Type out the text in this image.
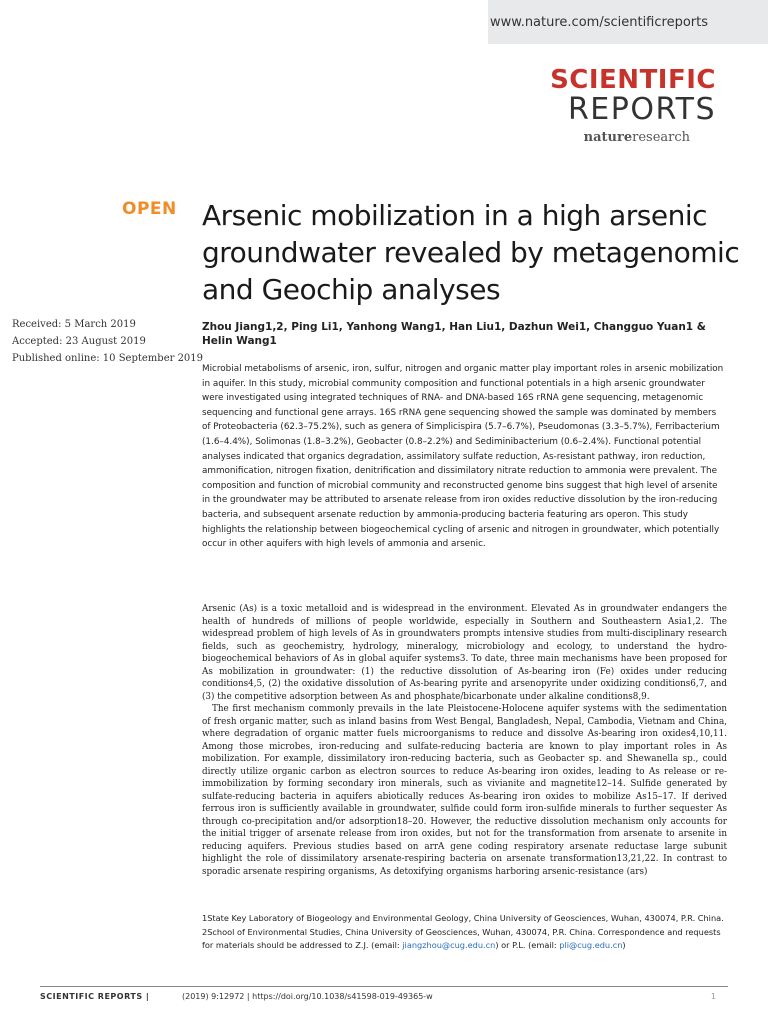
www.nature.com/scientificreports
SCIENTIFIC
REPORTS
natureresearch
OPEN Arsenic mobilization in a high arsenic groundwater revealed by metagenomic and Geochip analyses
Received: 5 March 2019
Accepted: 23 August 2019
Published online: 10 September 2019
Zhou Jiang1,2, Ping Li1, Yanhong Wang1, Han Liu1, Dazhun Wei1, Changguo Yuan1 & Helin Wang1
Microbial metabolisms of arsenic, iron, sulfur, nitrogen and organic matter play important roles in arsenic mobilization in aquifer. In this study, microbial community composition and functional potentials in a high arsenic groundwater were investigated using integrated techniques of RNA- and DNA-based 16S rRNA gene sequencing, metagenomic sequencing and functional gene arrays. 16S rRNA gene sequencing showed the sample was dominated by members of Proteobacteria (62.3–75.2%), such as genera of Simplicispira (5.7–6.7%), Pseudomonas (3.3–5.7%), Ferribacterium (1.6–4.4%), Solimonas (1.8–3.2%), Geobacter (0.8–2.2%) and Sediminibacterium (0.6–2.4%). Functional potential analyses indicated that organics degradation, assimilatory sulfate reduction, As-resistant pathway, iron reduction, ammonification, nitrogen fixation, denitrification and dissimilatory nitrate reduction to ammonia were prevalent. The composition and function of microbial community and reconstructed genome bins suggest that high level of arsenite in the groundwater may be attributed to arsenate release from iron oxides reductive dissolution by the iron-reducing bacteria, and subsequent arsenate reduction by ammonia-producing bacteria featuring ars operon. This study highlights the relationship between biogeochemical cycling of arsenic and nitrogen in groundwater, which potentially occur in other aquifers with high levels of ammonia and arsenic.

Arsenic (As) is a toxic metalloid and is widespread in the environment. Elevated As in groundwater endangers the health of hundreds of millions of people worldwide, especially in Southern and Southeastern Asia1,2. The widespread problem of high levels of As in groundwaters prompts intensive studies from multi-disciplinary research fields, such as geochemistry, hydrology, mineralogy, microbiology and ecology, to understand the hydro-biogeochemical behaviors of As in global aquifer systems3. To date, three main mechanisms have been proposed for As mobilization in groundwater: (1) the reductive dissolution of As-bearing iron (Fe) oxides under reducing conditions4,5, (2) the oxidative dissolution of As-bearing pyrite and arsenopyrite under oxidizing conditions6,7, and (3) the competitive adsorption between As and phosphate/bicarbonate under alkaline conditions8,9.

The first mechanism commonly prevails in the late Pleistocene-Holocene aquifer systems with the sedimentation of fresh organic matter, such as inland basins from West Bengal, Bangladesh, Nepal, Cambodia, Vietnam and China, where degradation of organic matter fuels microorganisms to reduce and dissolve As-bearing iron oxides4,10,11. Among those microbes, iron-reducing and sulfate-reducing bacteria are known to play important roles in As mobilization. For example, dissimilatory iron-reducing bacteria, such as Geobacter sp. and Shewanella sp., could directly utilize organic carbon as electron sources to reduce As-bearing iron oxides, leading to As release or re-immobilization by forming secondary iron minerals, such as vivianite and magnetite12–14. Sulfide generated by sulfate-reducing bacteria in aquifers abiotically reduces As-bearing iron oxides to mobilize As15–17. If derived ferrous iron is sufficiently available in groundwater, sulfide could form iron-sulfide minerals to further sequester As through co-precipitation and/or adsorption18–20. However, the reductive dissolution mechanism only accounts for the initial trigger of arsenate release from iron oxides, but not for the transformation from arsenate to arsenite in reducing aquifers. Previous studies based on arrA gene coding respiratory arsenate reductase large subunit highlight the role of dissimilatory arsenate-respiring bacteria on arsenate transformation13,21,22. In contrast to sporadic arsenate respiring organisms, As detoxifying organisms harboring arsenic-resistance (ars)

1State Key Laboratory of Biogeology and Environmental Geology, China University of Geosciences, Wuhan, 430074, P.R. China. 2School of Environmental Studies, China University of Geosciences, Wuhan, 430074, P.R. China. Correspondence and requests for materials should be addressed to Z.J. (email: jiangzhou@cug.edu.cn) or P.L. (email: pli@cug.edu.cn)
SCIENTIFIC REPORTS |	(2019) 9:12972 | https://doi.org/10.1038/s41598-019-49365-w	1
